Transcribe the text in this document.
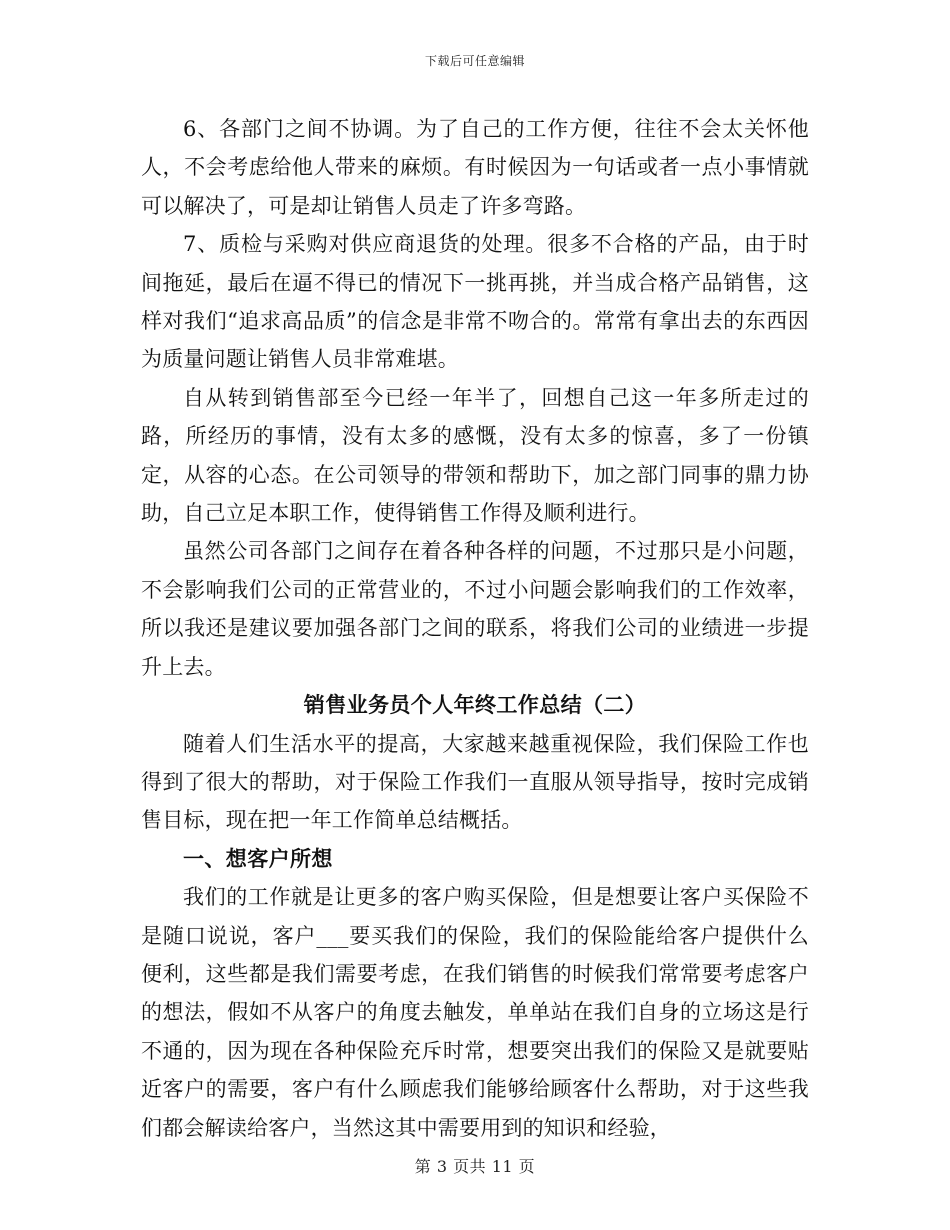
下载后可任意编辑

6、各部门之间不协调。为了自己的工作方便，往往不会太关怀他人，不会考虑给他人带来的麻烦。有时候因为一句话或者一点小事情就可以解决了，可是却让销售人员走了许多弯路。

7、质检与采购对供应商退货的处理。很多不合格的产品，由于时间拖延，最后在逼不得已的情况下一挑再挑，并当成合格产品销售，这样对我们“追求高品质”的信念是非常不吻合的。常常有拿出去的东西因为质量问题让销售人员非常难堪。

自从转到销售部至今已经一年半了，回想自己这一年多所走过的路，所经历的事情，没有太多的感慨，没有太多的惊喜，多了一份镇定，从容的心态。在公司领导的带领和帮助下，加之部门同事的鼎力协助，自己立足本职工作，使得销售工作得及顺利进行。

虽然公司各部门之间存在着各种各样的问题，不过那只是小问题，不会影响我们公司的正常营业的，不过小问题会影响我们的工作效率，所以我还是建议要加强各部门之间的联系，将我们公司的业绩进一步提升上去。

销售业务员个人年终工作总结（二）

随着人们生活水平的提高，大家越来越重视保险，我们保险工作也得到了很大的帮助，对于保险工作我们一直服从领导指导，按时完成销售目标，现在把一年工作简单总结概括。

一、想客户所想

我们的工作就是让更多的客户购买保险，但是想要让客户买保险不是随口说说，客户___要买我们的保险，我们的保险能给客户提供什么便利，这些都是我们需要考虑，在我们销售的时候我们常常要考虑客户的想法，假如不从客户的角度去触发，单单站在我们自身的立场这是行不通的，因为现在各种保险充斥时常，想要突出我们的保险又是就要贴近客户的需要，客户有什么顾虑我们能够给顾客什么帮助，对于这些我们都会解读给客户，当然这其中需要用到的知识和经验，

第 3 页共 11 页
